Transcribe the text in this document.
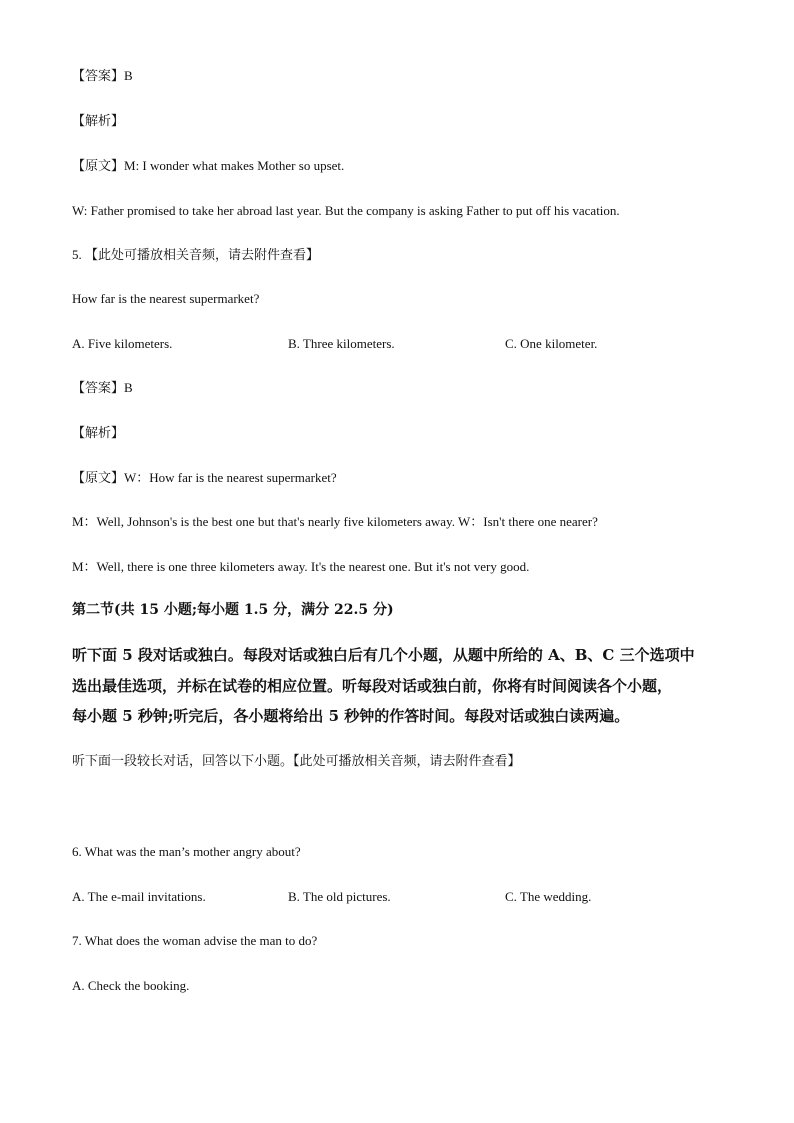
【答案】B
【解析】
【原文】M: I wonder what makes Mother so upset.
W: Father promised to take her abroad last year. But the company is asking Father to put off his vacation.
5. 【此处可播放相关音频，请去附件查看】
How far is the nearest supermarket?
A. Five kilometers.	B. Three kilometers.	C. One kilometer.
【答案】B
【解析】
【原文】W：How far is the nearest supermarket?
M：Well, Johnson's is the best one but that's nearly five kilometers away. W：Isn't there one nearer?
M：Well, there is one three kilometers away. It's the nearest one. But it's not very good.
第二节(共 15 小题;每小题 1.5 分，满分 22.5 分)
听下面 5 段对话或独白。每段对话或独白后有几个小题，从题中所给的 A、B、C 三个选项中
选出最佳选项，并标在试卷的相应位置。听每段对话或独白前，你将有时间阅读各个小题，
每小题 5 秒钟;听完后，各小题将给出 5 秒钟的作答时间。每段对话或独白读两遍。
听下面一段较长对话，回答以下小题。【此处可播放相关音频，请去附件查看】
6. What was the man’s mother angry about?
A. The e-mail invitations.	B. The old pictures.	C. The wedding.
7. What does the woman advise the man to do?
A. Check the booking.
